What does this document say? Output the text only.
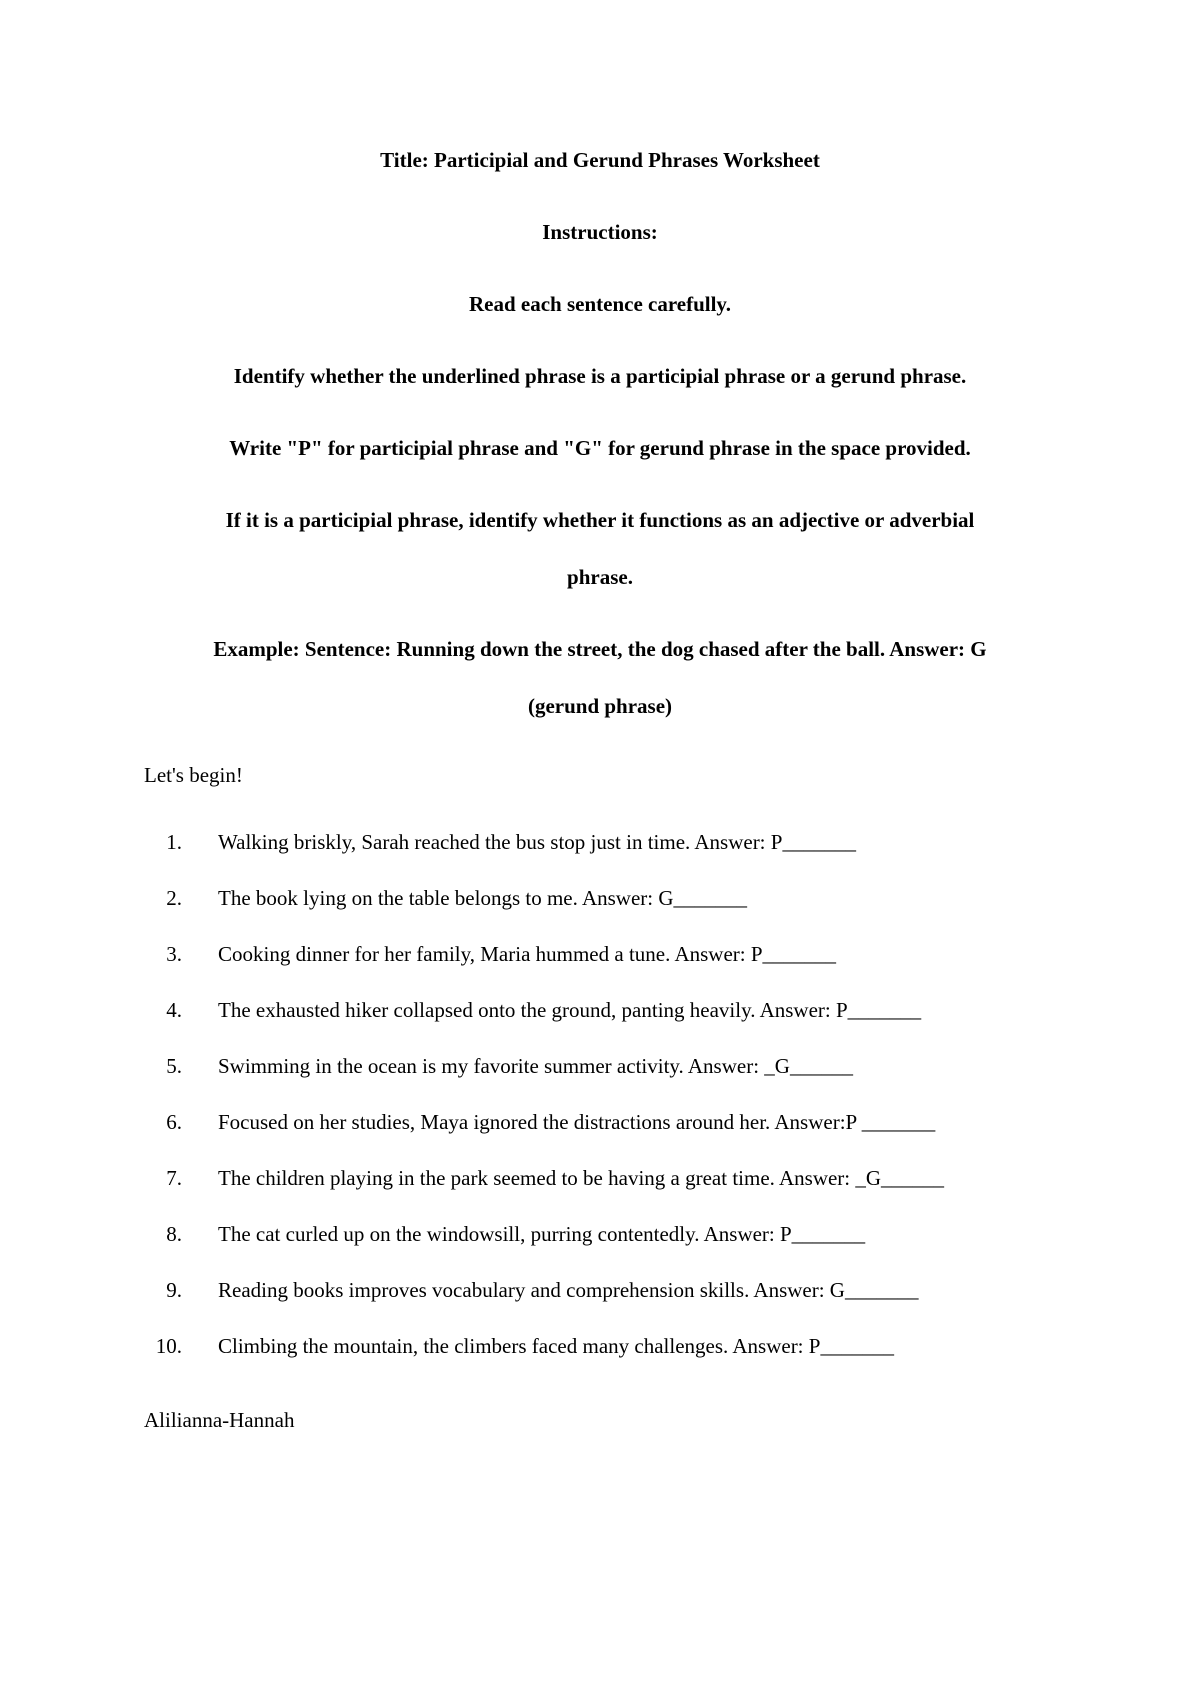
Title: Participial and Gerund Phrases Worksheet

Instructions:

Read each sentence carefully.

Identify whether the underlined phrase is a participial phrase or a gerund phrase.

Write "P" for participial phrase and "G" for gerund phrase in the space provided.

If it is a participial phrase, identify whether it functions as an adjective or adverbial

phrase.

Example: Sentence: Running down the street, the dog chased after the ball. Answer: G

(gerund phrase)

Let's begin!

1. Walking briskly, Sarah reached the bus stop just in time. Answer: P_______
2. The book lying on the table belongs to me. Answer: G_______
3. Cooking dinner for her family, Maria hummed a tune. Answer: P_______
4. The exhausted hiker collapsed onto the ground, panting heavily. Answer: P_______
5. Swimming in the ocean is my favorite summer activity. Answer: _G______
6. Focused on her studies, Maya ignored the distractions around her. Answer:P _______
7. The children playing in the park seemed to be having a great time. Answer: _G______
8. The cat curled up on the windowsill, purring contentedly. Answer: P_______
9. Reading books improves vocabulary and comprehension skills. Answer: G_______
10. Climbing the mountain, the climbers faced many challenges. Answer: P_______

Alilianna-Hannah
